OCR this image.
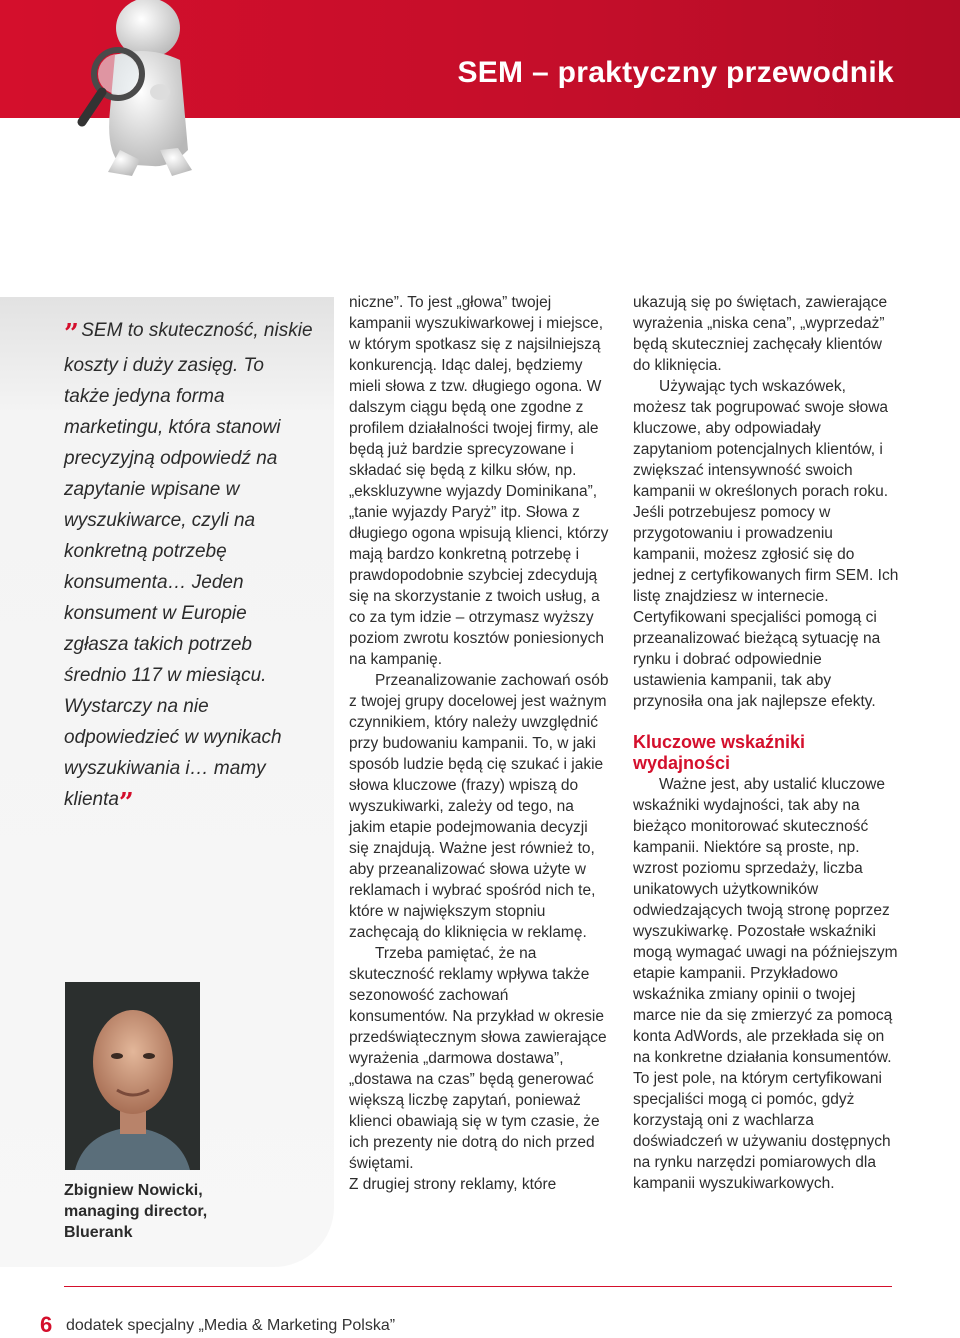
SEM – praktyczny przewodnik
” SEM to skuteczność, niskie koszty i duży zasięg. To także jedyna forma marketingu, która stanowi precyzyjną odpowiedź na zapytanie wpisane w wyszukiwarce, czyli na konkretną potrzebę konsumenta… Jeden konsument w Europie zgłasza takich potrzeb średnio 117 w miesiącu. Wystarczy na nie odpowiedzieć w wynikach wyszukiwania i… mamy klienta”
Zbigniew Nowicki,
managing director,
Bluerank

niczne”. To jest „głowa” twojej kampanii wyszukiwarkowej i miejsce, w którym spotkasz się z najsilniejszą konkurencją. Idąc dalej, będziemy mieli słowa z tzw. długiego ogona. W dalszym ciągu będą one zgodne z profilem działalności twojej firmy, ale będą już bardzie sprecyzowane i składać się będą z kilku słów, np. „ekskluzywne wyjazdy Dominikana”, „tanie wyjazdy Paryż” itp. Słowa z długiego ogona wpisują klienci, którzy mają bardzo konkretną potrzebę i prawdopodobnie szybciej zdecydują się na skorzystanie z twoich usług, a co za tym idzie – otrzymasz wyższy poziom zwrotu kosztów poniesionych na kampanię.

Przeanalizowanie zachowań osób z twojej grupy docelowej jest ważnym czynnikiem, który należy uwzględnić przy budowaniu kampanii. To, w jaki sposób ludzie będą cię szukać i jakie słowa kluczowe (frazy) wpiszą do wyszukiwarki, zależy od tego, na jakim etapie podejmowania decyzji się znajdują. Ważne jest również to, aby przeanalizować słowa użyte w reklamach i wybrać spośród nich te, które w największym stopniu zachęcają do kliknięcia w reklamę.

Trzeba pamiętać, że na skuteczność reklamy wpływa także sezonowość zachowań konsumentów. Na przykład w okresie przedświątecznym słowa zawierające wyrażenia „darmowa dostawa”, „dostawa na czas” będą generować większą liczbę zapytań, ponieważ klienci obawiają się w tym czasie, że ich prezenty nie dotrą do nich przed świętami.

Z drugiej strony reklamy, które

ukazują się po świętach, zawierające wyrażenia „niska cena”, „wyprzedaż” będą skuteczniej zachęcały klientów do kliknięcia.

Używając tych wskazówek, możesz tak pogrupować swoje słowa kluczowe, aby odpowiadały zapytaniom potencjalnych klientów, i zwiększać intensywność swoich kampanii w określonych porach roku. Jeśli potrzebujesz pomocy w przygotowaniu i prowadzeniu kampanii, możesz zgłosić się do jednej z certyfikowanych firm SEM. Ich listę znajdziesz w internecie. Certyfikowani specjaliści pomogą ci przeanalizować bieżącą sytuację na rynku i dobrać odpowiednie ustawienia kampanii, tak aby przynosiła ona jak najlepsze efekty.

Kluczowe wskaźniki wydajności

Ważne jest, aby ustalić kluczowe wskaźniki wydajności, tak aby na bieżąco monitorować skuteczność kampanii. Niektóre są proste, np. wzrost poziomu sprzedaży, liczba unikatowych użytkowników odwiedzających twoją stronę poprzez wyszukiwarkę. Pozostałe wskaźniki mogą wymagać uwagi na późniejszym etapie kampanii. Przykładowo wskaźnika zmiany opinii o twojej marce nie da się zmierzyć za pomocą konta AdWords, ale przekłada się on na konkretne działania konsumentów. To jest pole, na którym certyfikowani specjaliści mogą ci pomóc, gdyż korzystają oni z wachlarza doświadczeń w używaniu dostępnych na rynku narzędzi pomiarowych dla kampanii wyszukiwarkowych.

6 dodatek specjalny „Media & Marketing Polska”
